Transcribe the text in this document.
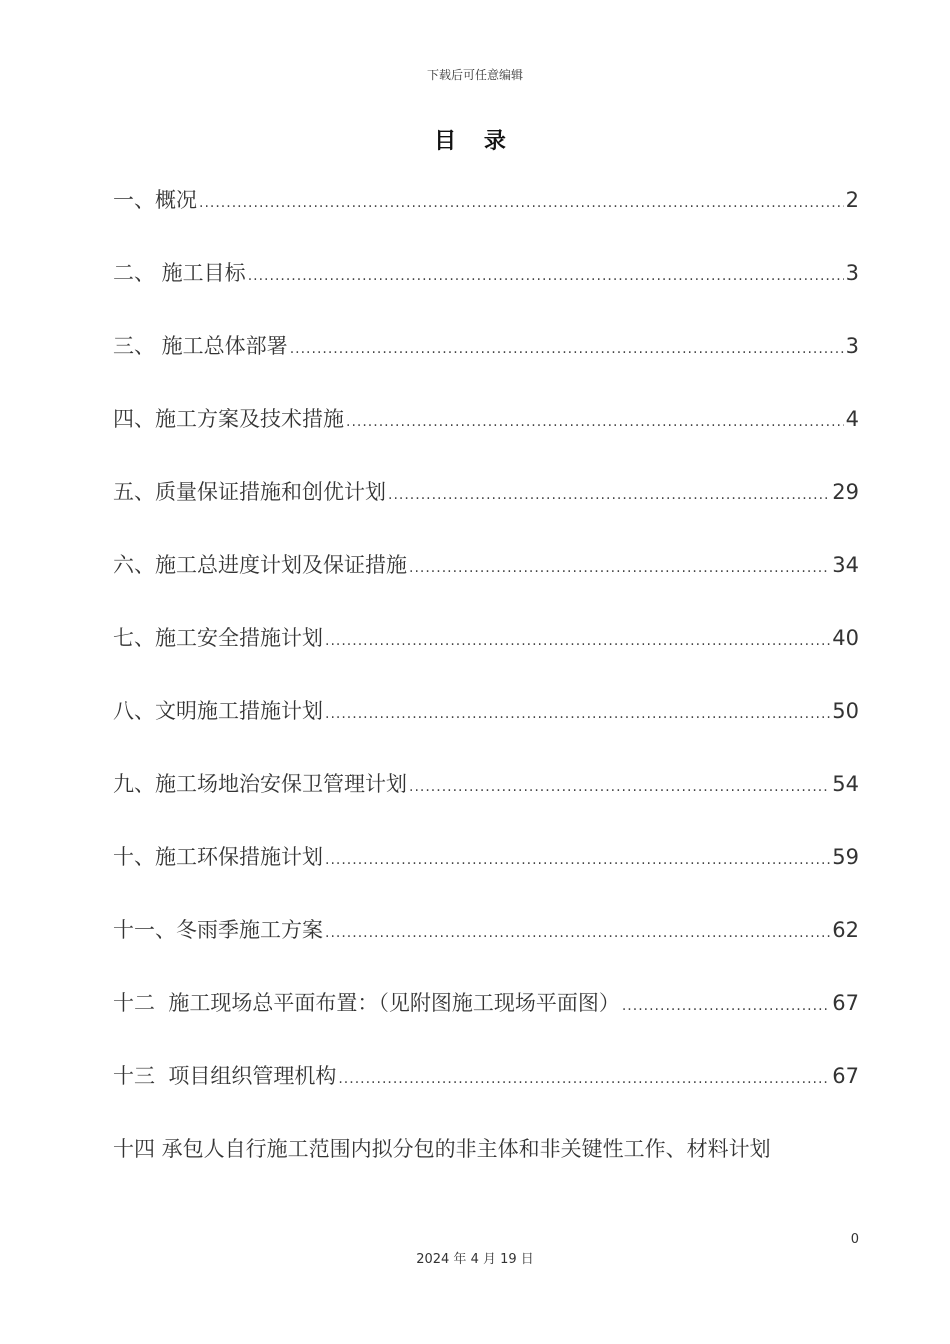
下载后可任意编辑
目 录
一、概况 .....	2
二、 施工目标 .....	3
三、 施工总体部署 .....	3
四、施工方案及技术措施 .....	4
五、质量保证措施和创优计划 .....	29
六、施工总进度计划及保证措施 .....	34
七、施工安全措施计划 .....	40
八、文明施工措施计划 .....	50
九、施工场地治安保卫管理计划 .....	54
十、施工环保措施计划 .....	59
十一、冬雨季施工方案 .....	62
十二  施工现场总平面布置：（见附图施工现场平面图） .....	67
十三  项目组织管理机构 .....	67
十四 承包人自行施工范围内拟分包的非主体和非关键性工作、材料计划
0
2024 年 4 月 19 日
